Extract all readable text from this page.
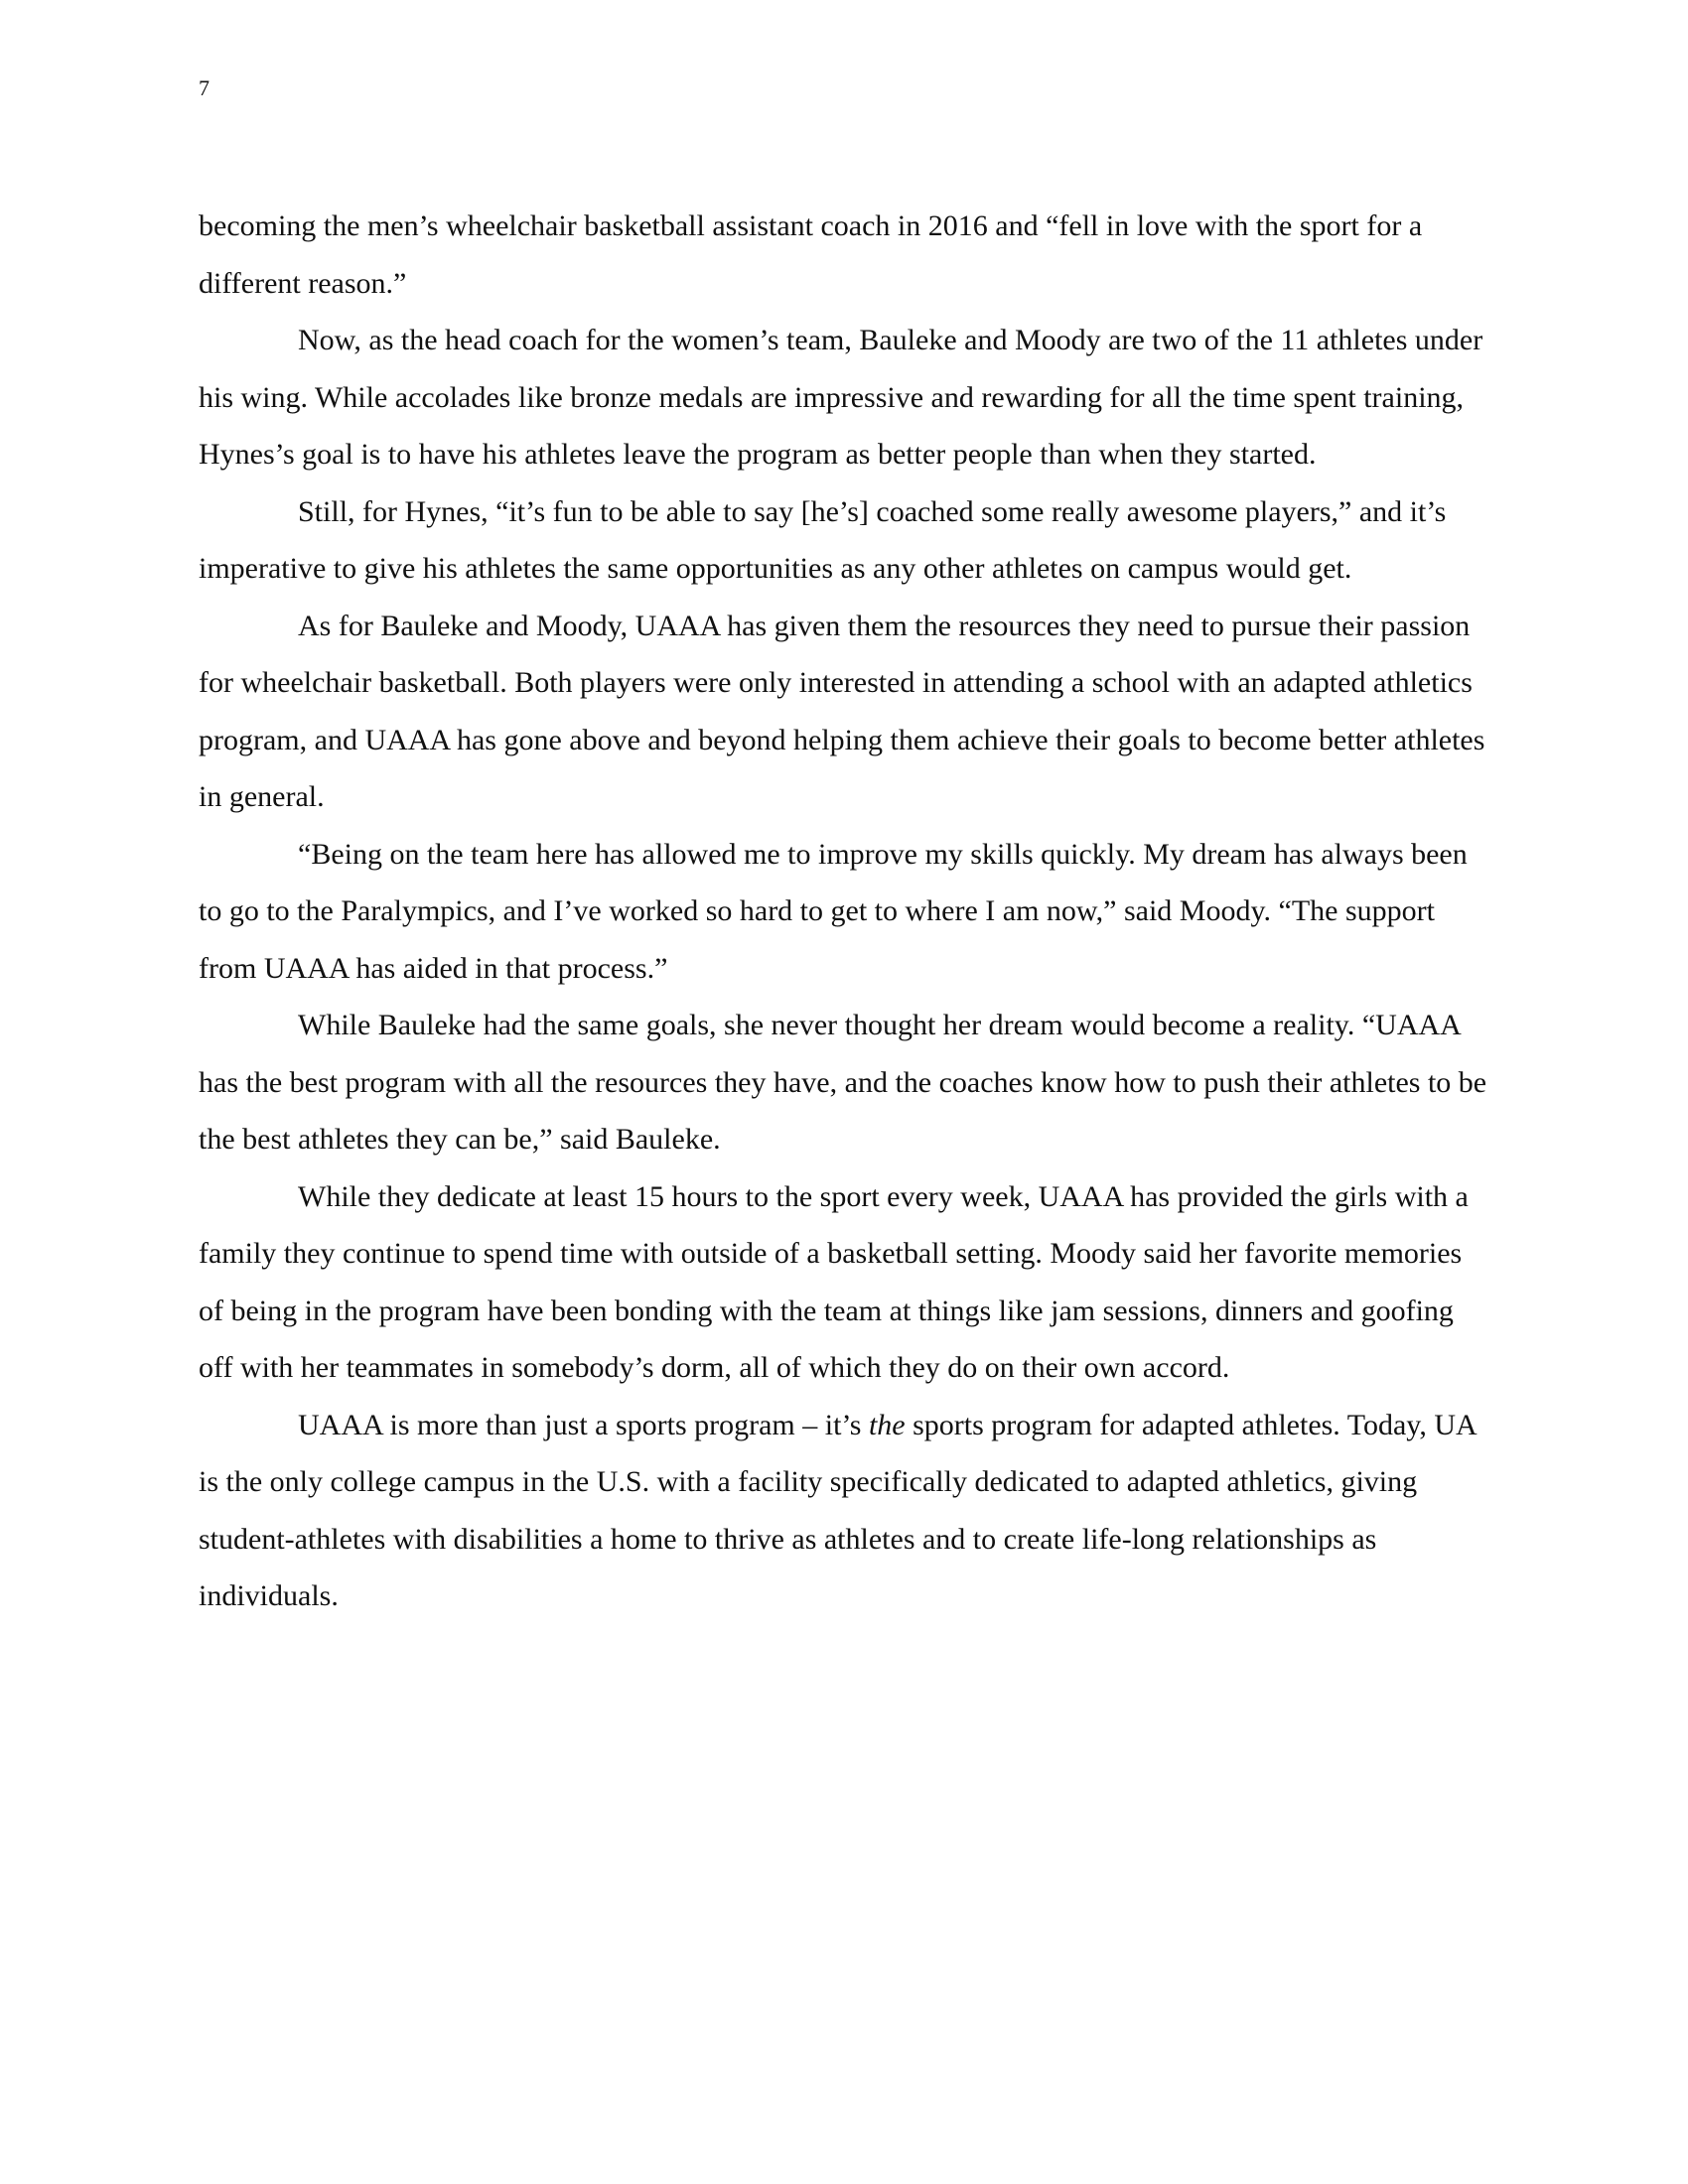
7

becoming the men’s wheelchair basketball assistant coach in 2016 and “fell in love with the sport for a different reason.”

Now, as the head coach for the women’s team, Bauleke and Moody are two of the 11 athletes under his wing. While accolades like bronze medals are impressive and rewarding for all the time spent training, Hynes’s goal is to have his athletes leave the program as better people than when they started.

Still, for Hynes, “it’s fun to be able to say [he’s] coached some really awesome players,” and it’s imperative to give his athletes the same opportunities as any other athletes on campus would get.

As for Bauleke and Moody, UAAA has given them the resources they need to pursue their passion for wheelchair basketball. Both players were only interested in attending a school with an adapted athletics program, and UAAA has gone above and beyond helping them achieve their goals to become better athletes in general.

“Being on the team here has allowed me to improve my skills quickly. My dream has always been to go to the Paralympics, and I’ve worked so hard to get to where I am now,” said Moody. “The support from UAAA has aided in that process.”

While Bauleke had the same goals, she never thought her dream would become a reality. “UAAA has the best program with all the resources they have, and the coaches know how to push their athletes to be the best athletes they can be,” said Bauleke.

While they dedicate at least 15 hours to the sport every week, UAAA has provided the girls with a family they continue to spend time with outside of a basketball setting. Moody said her favorite memories of being in the program have been bonding with the team at things like jam sessions, dinners and goofing off with her teammates in somebody’s dorm, all of which they do on their own accord.

UAAA is more than just a sports program – it’s the sports program for adapted athletes. Today, UA is the only college campus in the U.S. with a facility specifically dedicated to adapted athletics, giving student-athletes with disabilities a home to thrive as athletes and to create life-long relationships as individuals.
